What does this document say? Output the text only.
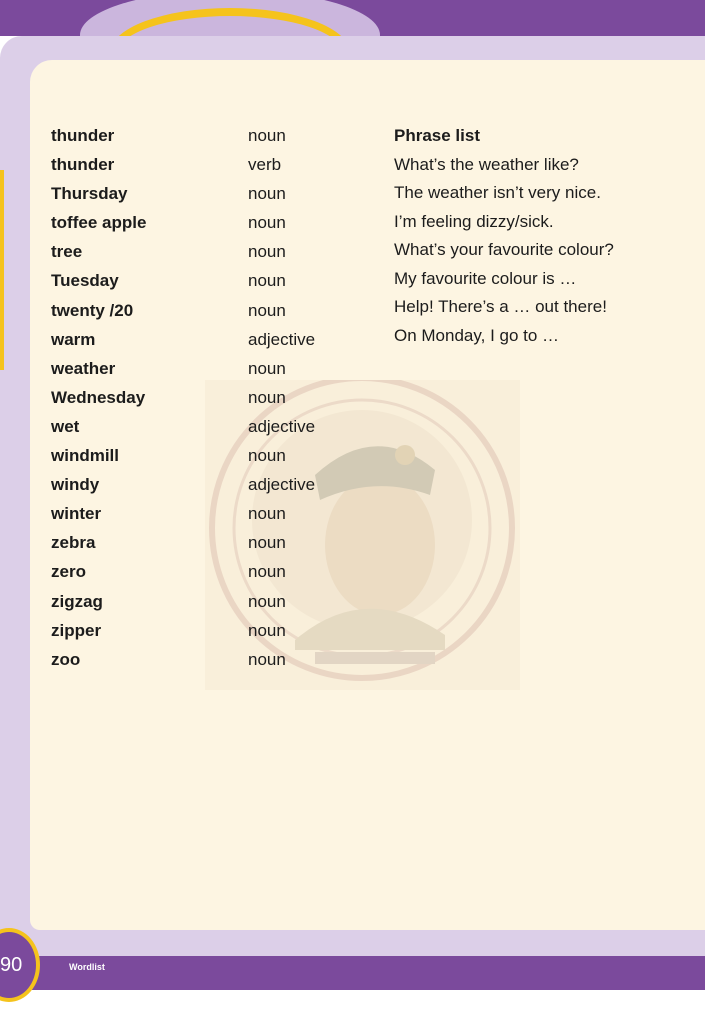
thunder
thunder
Thursday
toffee apple
tree
Tuesday
twenty /20
warm
weather
Wednesday
wet
windmill
windy
winter
zebra
zero
zigzag
zipper
zoo
noun
verb
noun
noun
noun
noun
noun
adjective
noun
noun
adjective
noun
adjective
noun
noun
noun
noun
noun
noun
Phrase list
What’s the weather like?
The weather isn’t very nice.
I’m feeling dizzy/sick.
What’s your favourite colour?
My favourite colour is …
Help! There’s a … out there!
On Monday, I go to …
90	Wordlist
